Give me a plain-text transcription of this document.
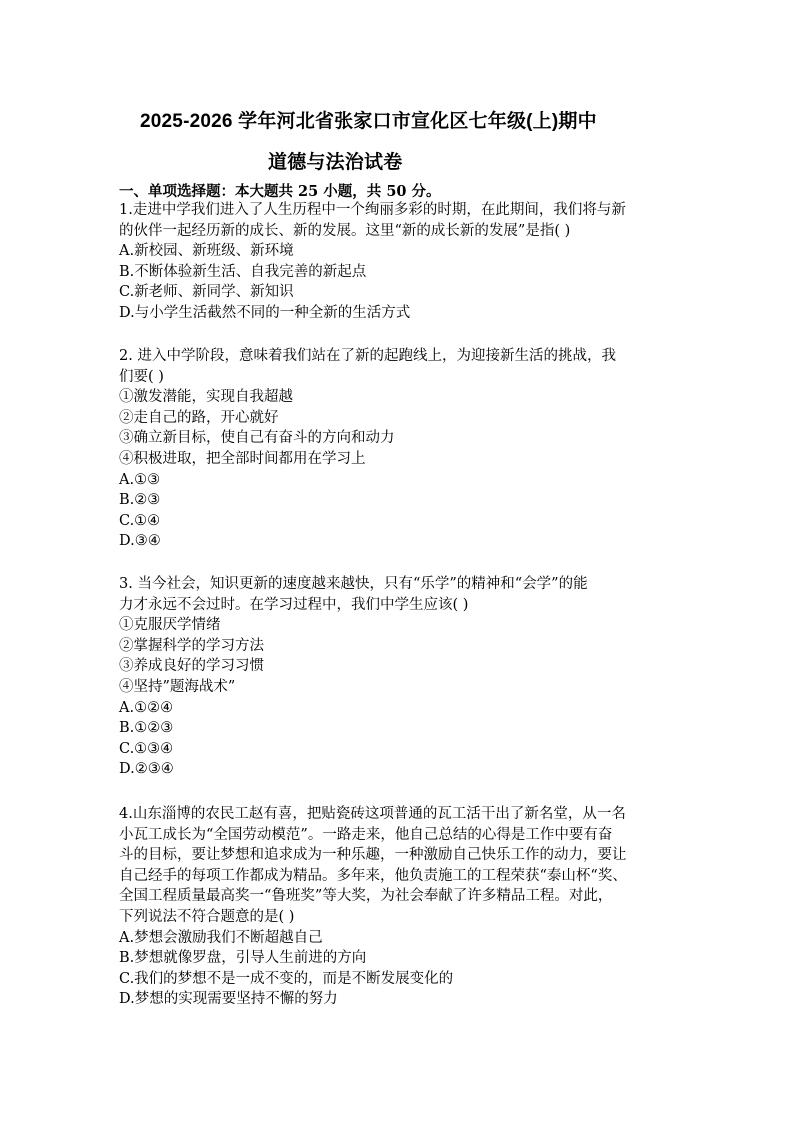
2025-2026 学年河北省张家口市宣化区七年级(上)期中
道德与法治试卷
一、单项选择题：本大题共 25 小题，共 50 分。
1.走进中学我们进入了人生历程中一个绚丽多彩的时期，在此期间，我们将与新
的伙伴一起经历新的成长、新的发展。这里“新的成长新的发展”是指( )
A.新校园、新班级、新环境
B.不断体验新生活、自我完善的新起点
C.新老师、新同学、新知识
D.与小学生活截然不同的一种全新的生活方式
2. 进入中学阶段，意味着我们站在了新的起跑线上，为迎接新生活的挑战，我
们要( )
①激发潜能，实现自我超越
②走自己的路，开心就好
③确立新目标，使自己有奋斗的方向和动力
④积极进取，把全部时间都用在学习上
A.①③
B.②③
C.①④
D.③④
3. 当今社会，知识更新的速度越来越快，只有“乐学”的精神和“会学”的能
力才永远不会过时。在学习过程中，我们中学生应该( )
①克服厌学情绪
②掌握科学的学习方法
③养成良好的学习习惯
④坚持”题海战术”
A.①②④
B.①②③
C.①③④
D.②③④
4.山东淄博的农民工赵有喜，把贴瓷砖这项普通的瓦工活干出了新名堂，从一名
小瓦工成长为“全国劳动模范”。一路走来，他自己总结的心得是工作中要有奋
斗的目标，要让梦想和追求成为一种乐趣，一种激励自己快乐工作的动力，要让
自己经手的每项工作都成为精品。多年来，他负责施工的工程荣获“泰山杯“奖、
全国工程质量最高奖一“鲁班奖”等大奖，为社会奉献了许多精品工程。对此，
下列说法不符合题意的是( )
A.梦想会激励我们不断超越自己
B.梦想就像罗盘，引导人生前进的方向
C.我们的梦想不是一成不变的，而是不断发展变化的
D.梦想的实现需要坚持不懈的努力
